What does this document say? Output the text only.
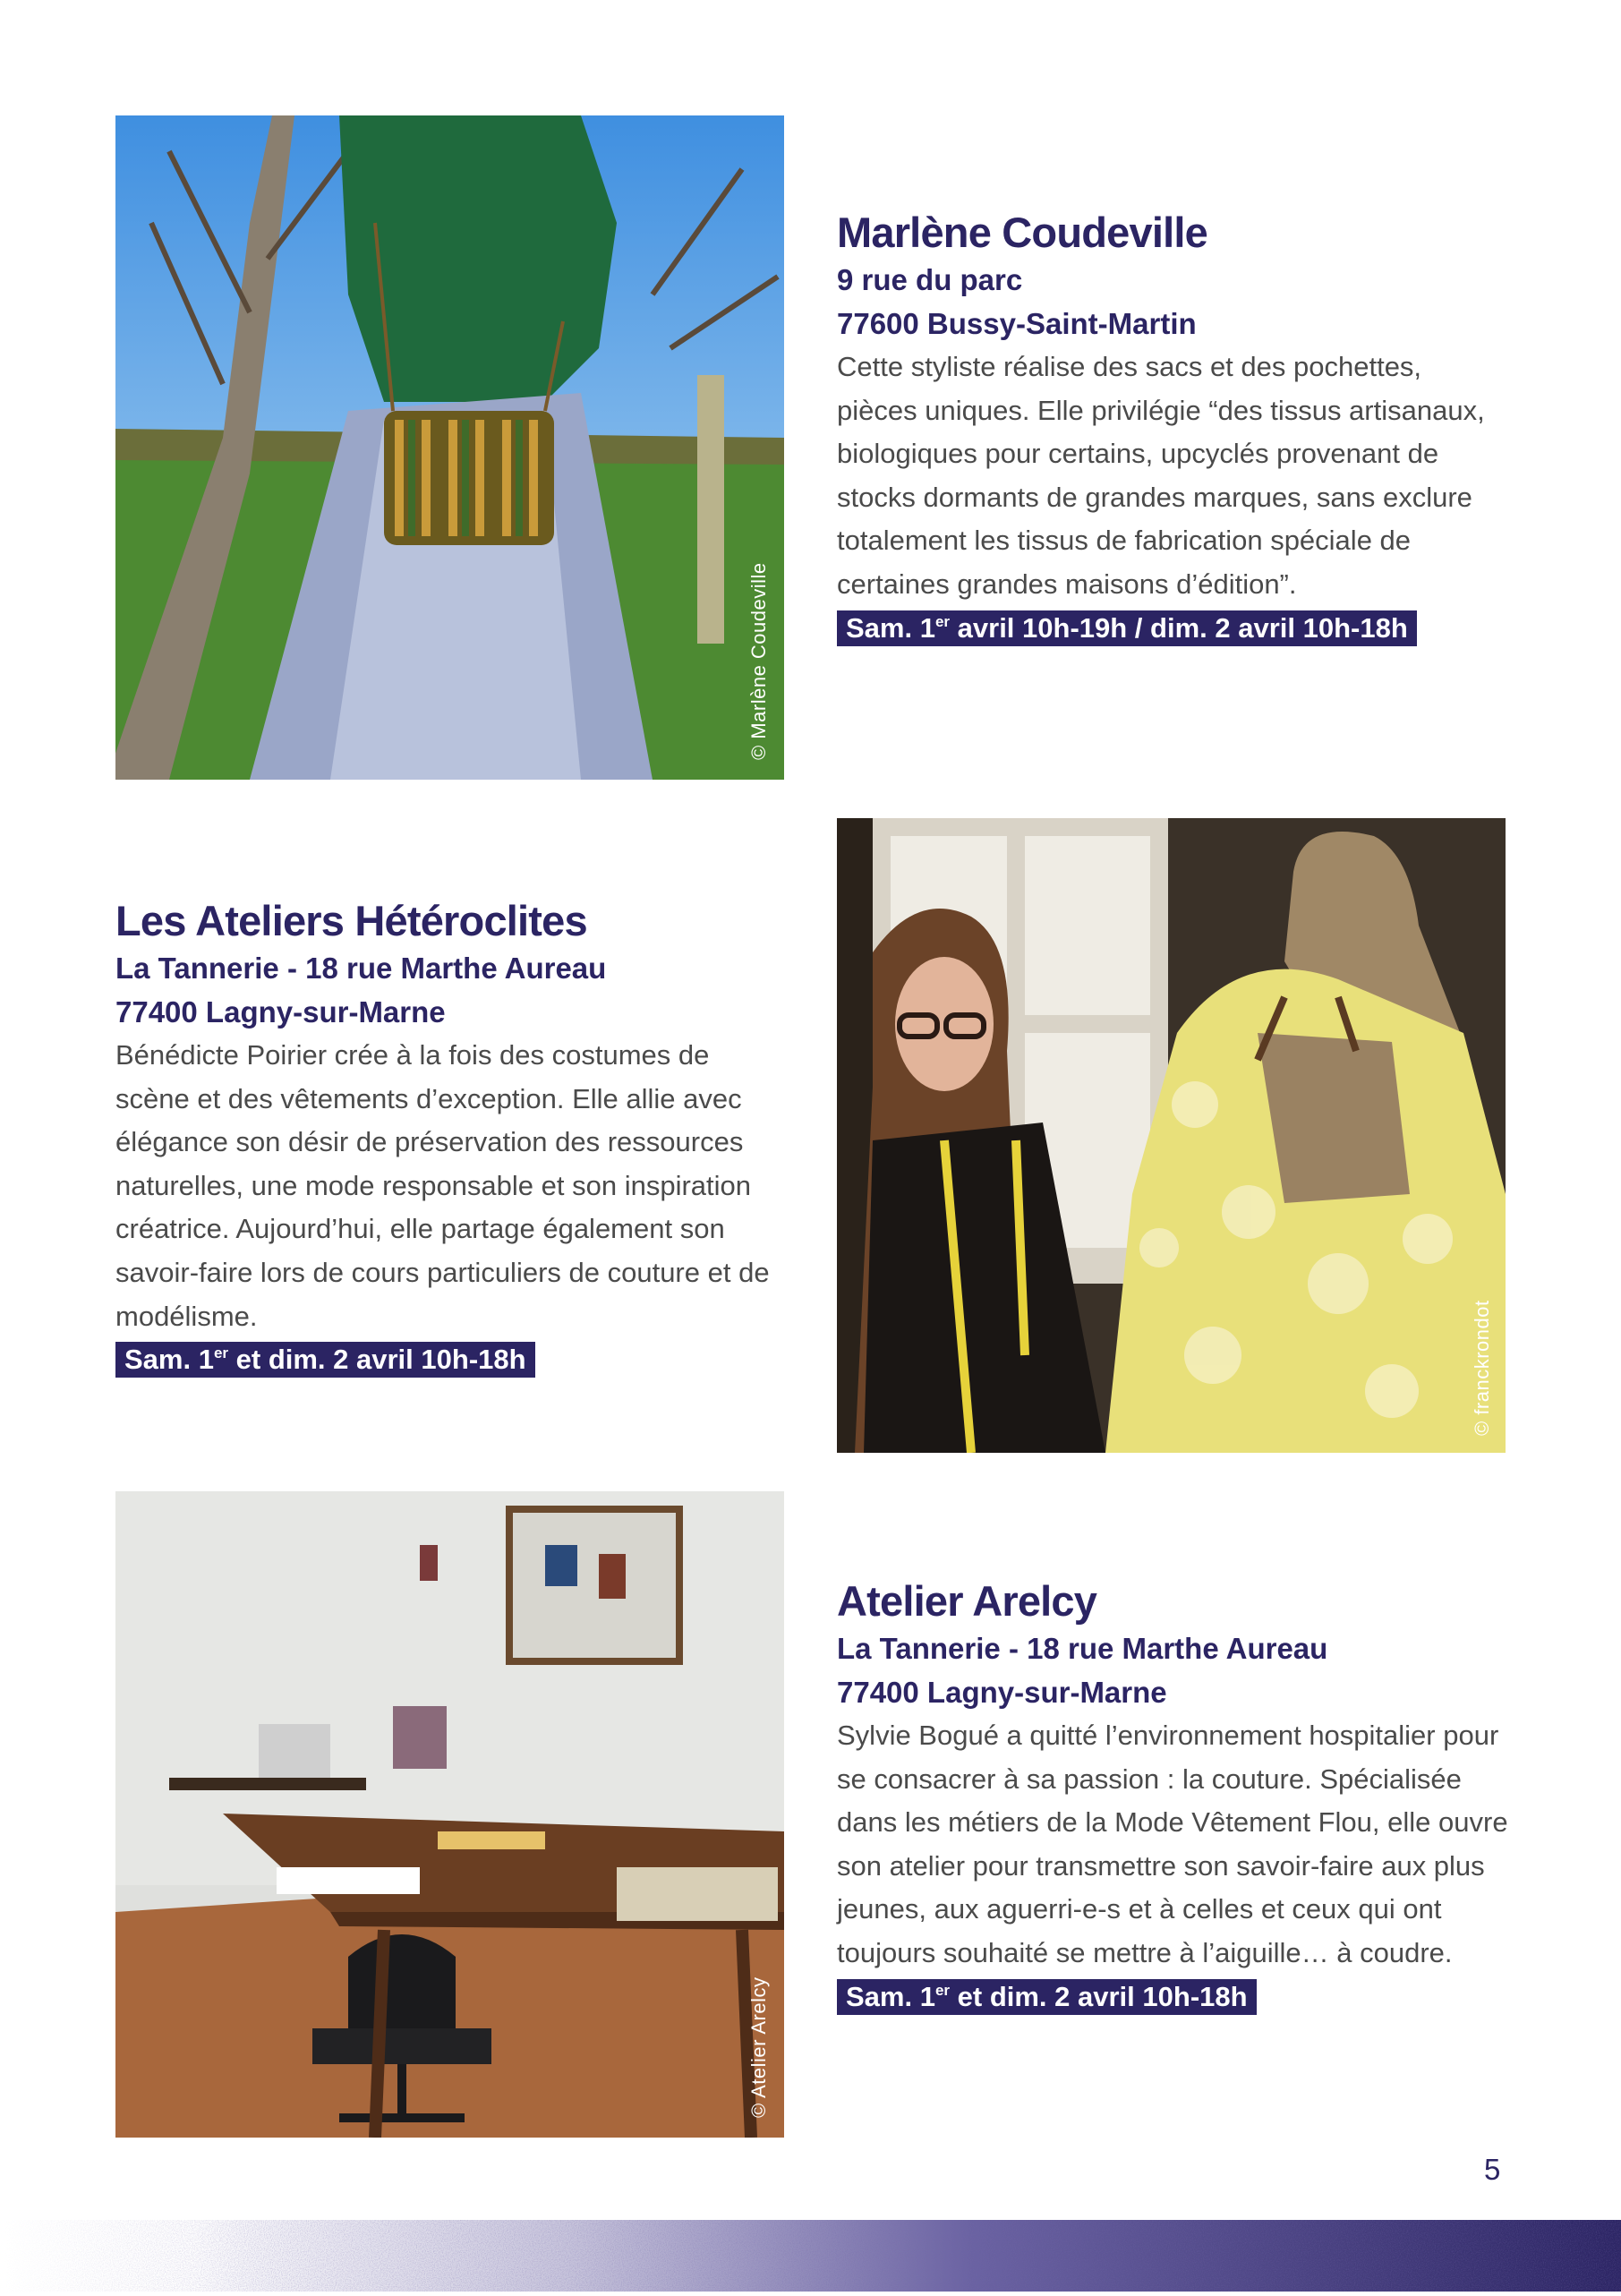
© Marlène Coudeville
Marlène Coudeville

9 rue du parc

77600 Bussy-Saint-Martin

Cette styliste réalise des sacs et des pochettes, pièces uniques. Elle privilégie “des tissus artisanaux, biologiques pour certains, upcyclés provenant de stocks dormants de grandes marques, sans exclure totalement les tissus de fabrication spéciale de certaines grandes maisons d’édition”.

Sam. 1er avril 10h-19h / dim. 2 avril 10h-18h
Les Ateliers Hétéroclites

La Tannerie - 18 rue Marthe Aureau

77400 Lagny-sur-Marne

Bénédicte Poirier crée à la fois des costumes de scène et des vêtements d’exception. Elle allie avec élégance son désir de préservation des ressources naturelles, une mode responsable et son inspiration créatrice. Aujourd’hui, elle partage également son savoir-faire lors de cours particuliers de couture et de modélisme.

Sam. 1er et dim. 2 avril 10h-18h	© franckrondot
© Atelier Arelcy
Atelier Arelcy

La Tannerie - 18 rue Marthe Aureau

77400 Lagny-sur-Marne

Sylvie Bogué a quitté l’environnement hospitalier pour se consacrer à sa passion : la couture. Spécialisée dans les métiers de la Mode Vêtement Flou, elle ouvre son atelier pour transmettre son savoir-faire aux plus jeunes, aux aguerri-e-s et à celles et ceux qui ont toujours souhaité se mettre à l’aiguille… à coudre.

Sam. 1er et dim. 2 avril 10h-18h
5
